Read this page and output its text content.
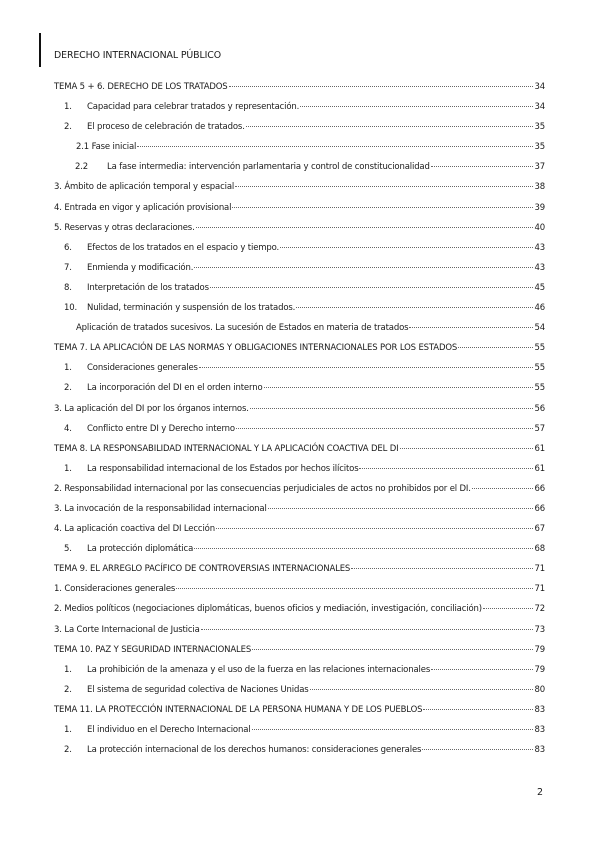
DERECHO INTERNACIONAL PÚBLICO
TEMA 5 + 6. DERECHO DE LOS TRATADOS	34
1.	Capacidad para celebrar tratados y representación.	34
2.	El proceso de celebración de tratados.	35
2.1 Fase inicial	35
2.2	La fase intermedia: intervención parlamentaria y control de constitucionalidad	37
3. Ámbito de aplicación temporal y espacial	38
4. Entrada en vigor y aplicación provisional	39
5. Reservas y otras declaraciones.	40
6.	Efectos de los tratados en el espacio y tiempo.	43
7.	Enmienda y modificación.	43
8.	Interpretación de los tratados	45
10.	Nulidad, terminación y suspensión de los tratados.	46
Aplicación de tratados sucesivos. La sucesión de Estados en materia de tratados	54
TEMA 7. LA APLICACIÓN DE LAS NORMAS Y OBLIGACIONES INTERNACIONALES POR LOS ESTADOS	55
1.	Consideraciones generales	55
2.	La incorporación del DI en el orden interno	55
3. La aplicación del DI por los órganos internos.	56
4.	Conflicto entre DI y Derecho interno	57
TEMA 8. LA RESPONSABILIDAD INTERNACIONAL Y LA APLICACIÓN COACTIVA DEL DI	61
1.	La responsabilidad internacional de los Estados por hechos ilícitos	61
2. Responsabilidad internacional por las consecuencias perjudiciales de actos no prohibidos por el DI.	66
3. La invocación de la responsabilidad internacional	66
4. La aplicación coactiva del DI Lección	67
5.	La protección diplomática	68
TEMA 9. EL ARREGLO PACÍFICO DE CONTROVERSIAS INTERNACIONALES	71
1. Consideraciones generales	71
2. Medios políticos (negociaciones diplomáticas, buenos oficios y mediación, investigación, conciliación)	72
3. La Corte Internacional de Justicia	73
TEMA 10. PAZ Y SEGURIDAD INTERNACIONALES	79
1.	La prohibición de la amenaza y el uso de la fuerza en las relaciones internacionales	79
2.	El sistema de seguridad colectiva de Naciones Unidas	80
TEMA 11. LA PROTECCIÓN INTERNACIONAL DE LA PERSONA HUMANA Y DE LOS PUEBLOS	83
1.	El individuo en el Derecho Internacional	83
2.	La protección internacional de los derechos humanos: consideraciones generales	83
2
